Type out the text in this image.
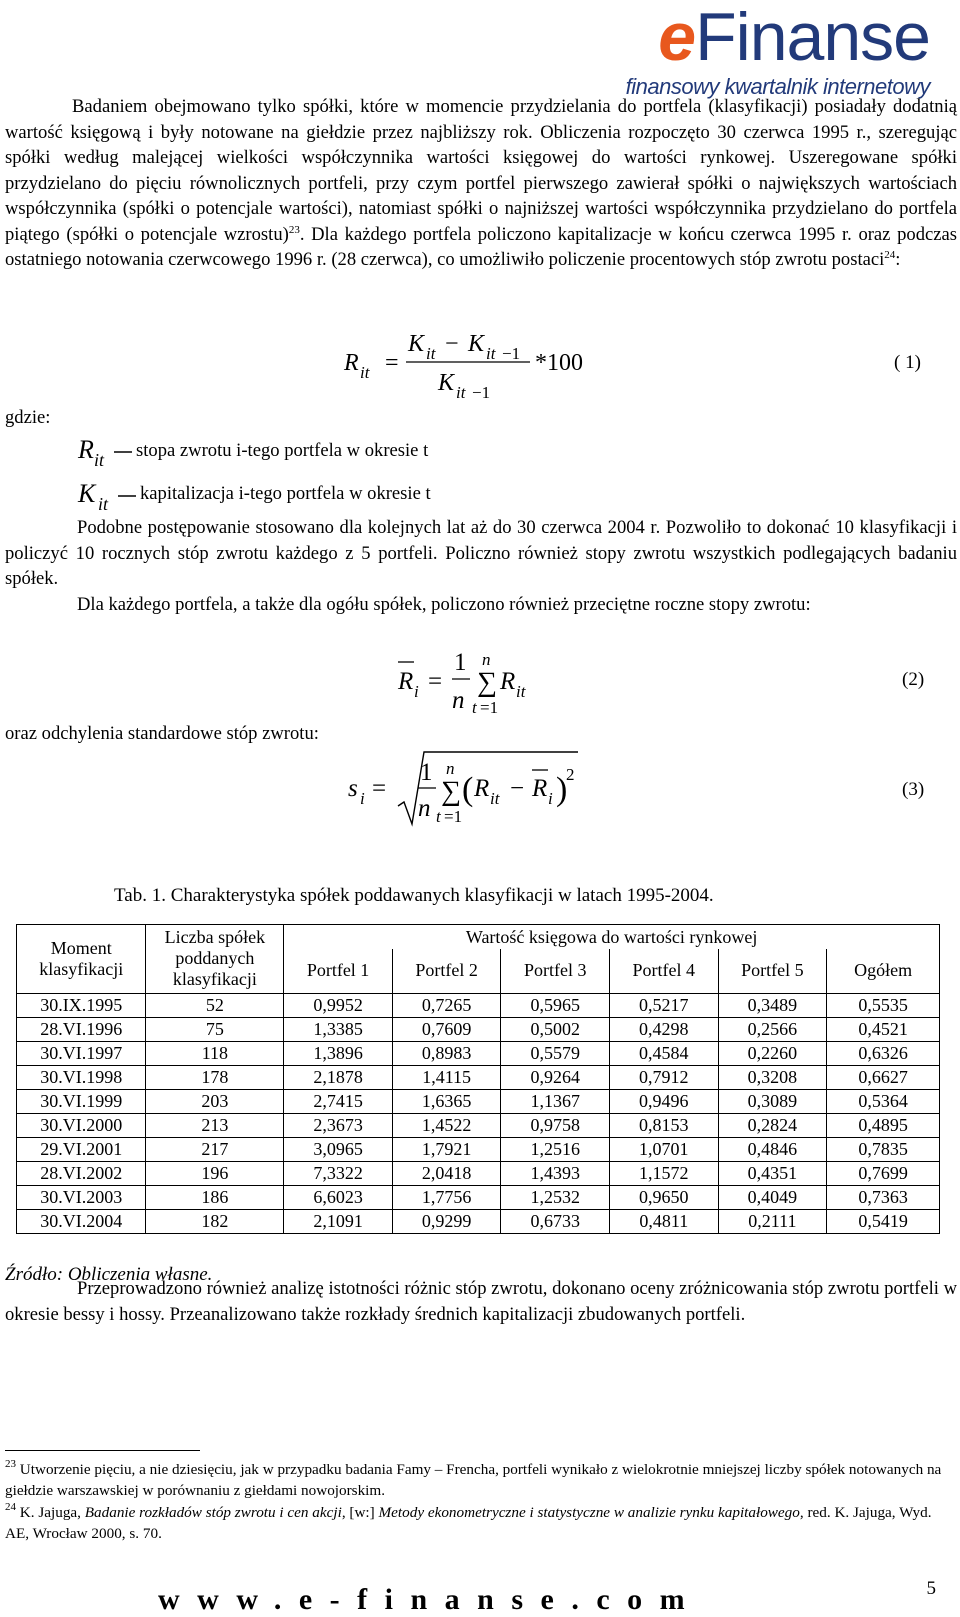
eFinanse
finansowy kwartalnik internetowy
Badaniem obejmowano tylko spółki, które w momencie przydzielania do portfela (klasyfikacji) posiadały dodatnią wartość księgową i były notowane na giełdzie przez najbliższy rok. Obliczenia rozpoczęto 30 czerwca 1995 r., szeregując spółki według malejącej wielkości współczynnika wartości księgowej do wartości rynkowej. Uszeregowane spółki przydzielano do pięciu równolicznych portfeli, przy czym portfel pierwszego zawierał spółki o największych wartościach współczynnika (spółki o potencjale wartości), natomiast spółki o najniższej wartości współczynnika przydzielano do portfela piątego (spółki o potencjale wzrostu)$^{23}$. Dla każdego portfela policzono kapitalizacje w końcu czerwca 1995 r. oraz podczas ostatniego notowania czerwcowego 1996 r. (28 czerwca), co umożliwiło policzenie procentowych stóp zwrotu postaci$^{24}$:
R it =
K it − K it −1
K it −1
*100	( 1)
gdzie:
R it stopa zwrotu i-tego portfela w okresie t
K it kapitalizacja i-tego portfela w okresie t
Podobne postępowanie stosowano dla kolejnych lat aż do 30 czerwca 2004 r. Pozwoliło to dokonać 10 klasyfikacji i policzyć 10 rocznych stóp zwrotu każdego z 5 portfeli. Policzno również stopy zwrotu wszystkich podlegających badaniu spółek.
Dla każdego portfela, a także dla ogółu spółek, policzono również przeciętne roczne stopy zwrotu:
R i =
1
n
n
∑
t =1
R it
(2)
oraz odchylenia standardowe stóp zwrotu:
s i =
1
n
n
∑
t =1
( R it − R i )
2
(3)
Tab. 1. Charakterystyka spółek poddawanych klasyfikacji w latach 1995-2004.
Moment klasyfikacji	Liczba spółek poddanych klasyfikacji	Wartość księgowa do wartości rynkowej					
		Portfel 1	Portfel 2	Portfel 3	Portfel 4	Portfel 5	Ogółem
30.IX.1995	52	0,9952	0,7265	0,5965	0,5217	0,3489	0,5535
28.VI.1996	75	1,3385	0,7609	0,5002	0,4298	0,2566	0,4521
30.VI.1997	118	1,3896	0,8983	0,5579	0,4584	0,2260	0,6326
30.VI.1998	178	2,1878	1,4115	0,9264	0,7912	0,3208	0,6627
30.VI.1999	203	2,7415	1,6365	1,1367	0,9496	0,3089	0,5364
30.VI.2000	213	2,3673	1,4522	0,9758	0,8153	0,2824	0,4895
29.VI.2001	217	3,0965	1,7921	1,2516	1,0701	0,4846	0,7835
28.VI.2002	196	7,3322	2,0418	1,4393	1,1572	0,4351	0,7699
30.VI.2003	186	6,6023	1,7756	1,2532	0,9650	0,4049	0,7363
30.VI.2004	182	2,1091	0,9299	0,6733	0,4811	0,2111	0,5419
Źródło: Obliczenia własne.
Przeprowadzono również analizę istotności różnic stóp zwrotu, dokonano oceny zróżnicowania stóp zwrotu portfeli w okresie bessy i hossy. Przeanalizowano także rozkłady średnich kapitalizacji zbudowanych portfeli.
$^{23}$ Utworzenie pięciu, a nie dziesięciu, jak w przypadku badania Famy – Frencha, portfeli wynikało z wielokrotnie mniejszej liczby spółek notowanych na giełdzie warszawskiej w porównaniu z giełdami nowojorskim.
$^{24}$ K. Jajuga, Badanie rozkładów stóp zwrotu i cen akcji, [w:] Metody ekonometryczne i statystyczne w analizie rynku kapitałowego, red. K. Jajuga, Wyd. AE, Wrocław 2000, s. 70.
www.e-finanse.com	5
